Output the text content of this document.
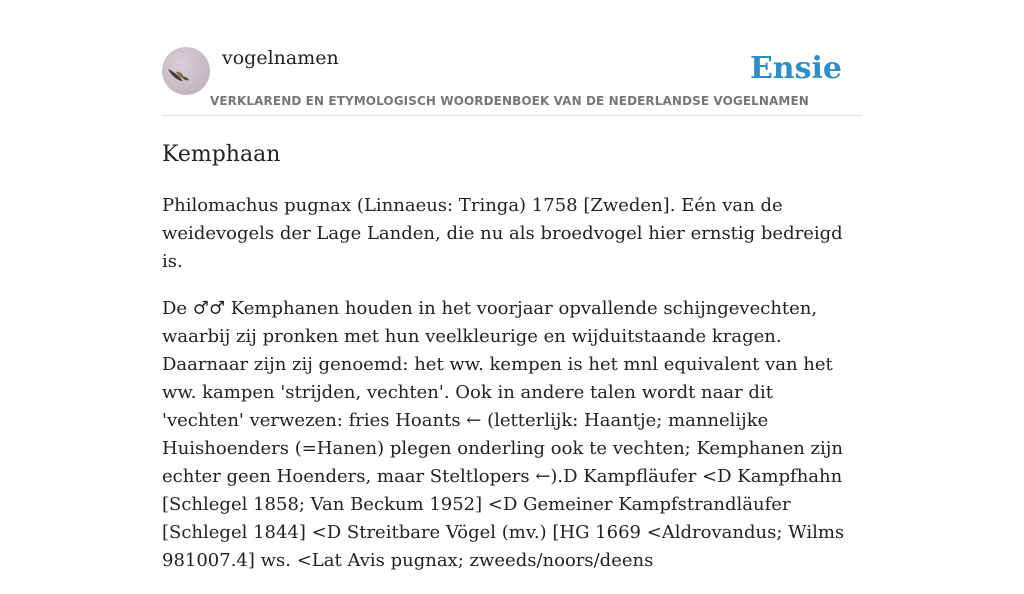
vogelnamen	Ensie
VERKLAREND EN ETYMOLOGISCH WOORDENBOEK VAN DE NEDERLANDSE VOGELNAMEN
Kemphaan

Philomachus pugnax (Linnaeus: Tringa) 1758 [Zweden]. Eén van de weidevogels der Lage Landen, die nu als broedvogel hier ernstig bedreigd is.

De ♂♂ Kemphanen houden in het voorjaar opvallende schijngevechten, waarbij zij pronken met hun veelkleurige en wijduitstaande kragen. Daarnaar zijn zij genoemd: het ww. kempen is het mnl equivalent van het ww. kampen 'strijden, vechten'. Ook in andere talen wordt naar dit 'vechten' verwezen: fries Hoants ← (letterlijk: Haantje; mannelijke Huishoenders (=Hanen) plegen onderling ook te vechten; Kemphanen zijn echter geen Hoenders, maar Steltlopers ←).D Kampfläufer <D Kampfhahn [Schlegel 1858; Van Beckum 1952] <D Gemeiner Kampfstrandläufer [Schlegel 1844] <D Streitbare Vögel (mv.) [HG 1669 <Aldrovandus; Wilms 981007.4] ws. <Lat Avis pugnax; zweeds/noors/deens
